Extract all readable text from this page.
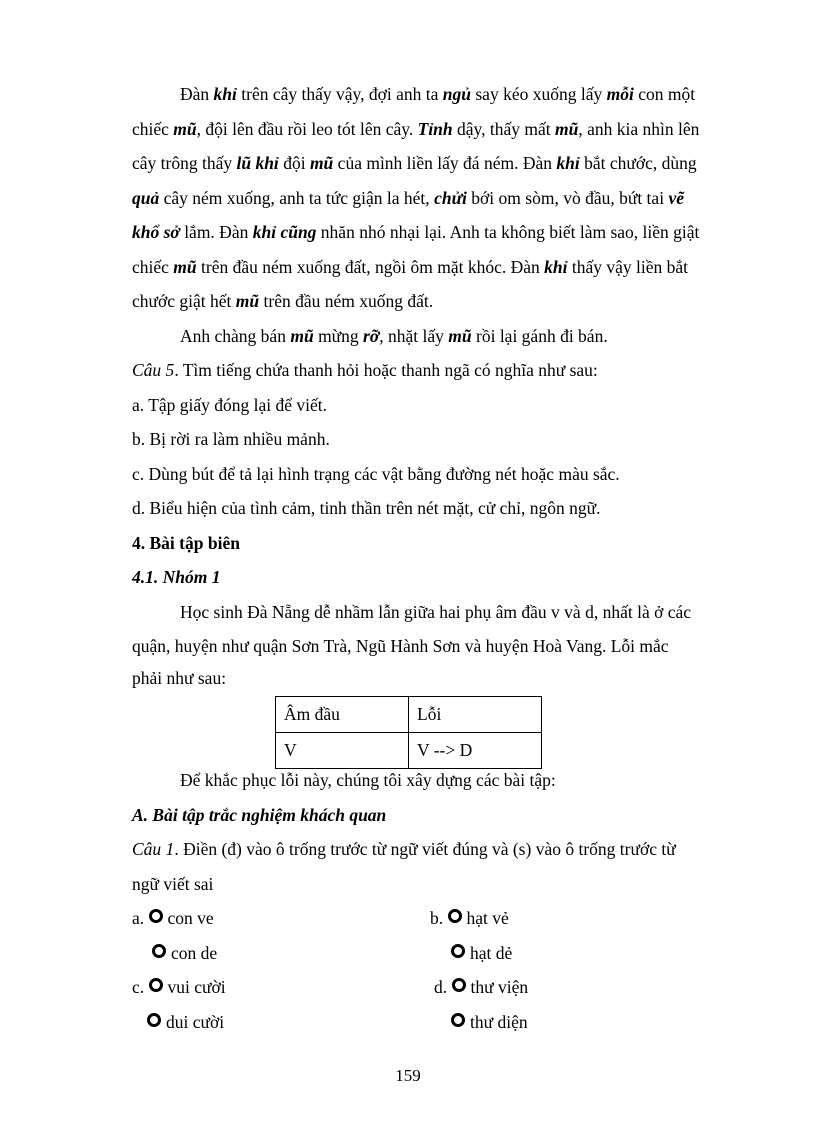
Đàn khỉ trên cây thấy vậy, đợi anh ta ngủ say kéo xuống lấy mỗi con một
chiếc mũ, đội lên đầu rồi leo tót lên cây. Tỉnh dậy, thấy mất mũ, anh kia nhìn lên
cây trông thấy lũ khỉ đội mũ của mình liền lấy đá ném. Đàn khỉ bắt chước, dùng
quả cây ném xuống, anh ta tức giận la hét, chửi bới om sòm, vò đầu, bứt tai vẽ
khổ sở lắm. Đàn khỉ cũng nhăn nhó nhại lại. Anh ta không biết làm sao, liền giật
chiếc mũ trên đầu ném xuống đất, ngồi ôm mặt khóc. Đàn khỉ thấy vậy liền bắt
chước giật hết mũ trên đầu ném xuống đất.
Anh chàng bán mũ mừng rỡ, nhặt lấy mũ rồi lại gánh đi bán.
Câu 5. Tìm tiếng chứa thanh hỏi hoặc thanh ngã có nghĩa như sau:
a. Tập giấy đóng lại để viết.
b. Bị rời ra làm nhiều mảnh.
c. Dùng bút để tả lại hình trạng các vật bằng đường nét hoặc màu sắc.
d. Biểu hiện của tình cảm, tinh thần trên nét mặt, cử chỉ, ngôn ngữ.
4. Bài tập biên
4.1. Nhóm 1
Học sinh Đà Nẵng dễ nhầm lẫn giữa hai phụ âm đầu v và d, nhất là ở các
quận, huyện như quận Sơn Trà, Ngũ Hành Sơn và huyện Hoà Vang. Lỗi mắc
phải như sau:
Âm đầu	Lỗi
V	V --> D
Để khắc phục lỗi này, chúng tôi xây dựng các bài tập:
A. Bài tập trắc nghiệm khách quan
Câu 1. Điền (đ) vào ô trống trước từ ngữ viết đúng và (s) vào ô trống trước từ
ngữ viết sai
a. con ve
con de
b. hạt vẻ
hạt dẻ
c. vui cười
dui cười
d. thư viện
thư diện
159
